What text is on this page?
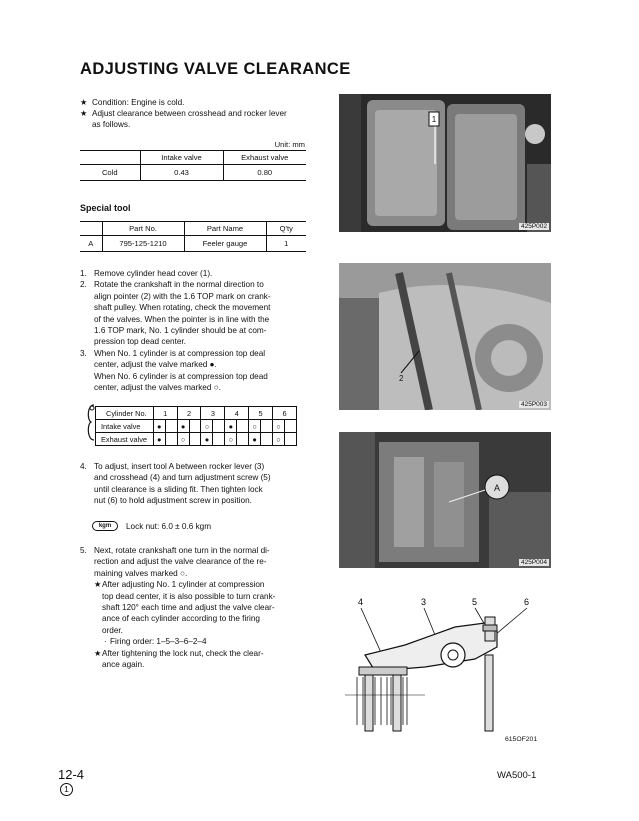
ADJUSTING VALVE CLEARANCE
★ Condition: Engine is cold.
★ Adjust clearance between crosshead and rocker lever
as follows.
Unit: mm
	Intake valve	Exhaust valve
Cold	0.43	0.80
Special tool
	Part No.	Part Name	Q'ty
A	795-125-1210	Feeler gauge	1
1. Remove cylinder head cover (1).
2. Rotate the crankshaft in the normal direction to
align pointer (2) with the 1.6 TOP mark on crank-
shaft pulley. When rotating, check the movement
of the valves. When the pointer is in line with the
1.6 TOP mark, No. 1 cylinder should be at com-
pression top dead center.
3. When No. 1 cylinder is at compression top deal
center, adjust the valve marked ●.
When No. 6 cylinder is at compression top dead
center, adjust the valves marked ○.
Cylinder No.	1		2		3		4		5		6	
Intake valve	●		●		○		●		○		○	
Exhaust valve	●		○		●		○		●		○	
4. To adjust, insert tool A between rocker lever (3)
and crosshead (4) and turn adjustment screw (5)
until clearance is a sliding fit. Then tighten lock
nut (6) to hold adjustment screw in position.
kgm	Lock nut: 6.0 ± 0.6 kgm
5. Next, rotate crankshaft one turn in the normal di-
rection and adjust the valve clearance of the re-
maining valves marked ○.
★ After adjusting No. 1 cylinder at compression
top dead center, it is also possible to turn crank-
shaft 120° each time and adjust the valve clear-
ance of each cylinder according to the firing
order.
· Firing order: 1–5–3–6–2–4
★ After tightening the lock nut, check the clear-
ance again.
1
425P002
2
425P003
A
425P004
4	3	5	6
615OF201
12-4
1
WA500-1
